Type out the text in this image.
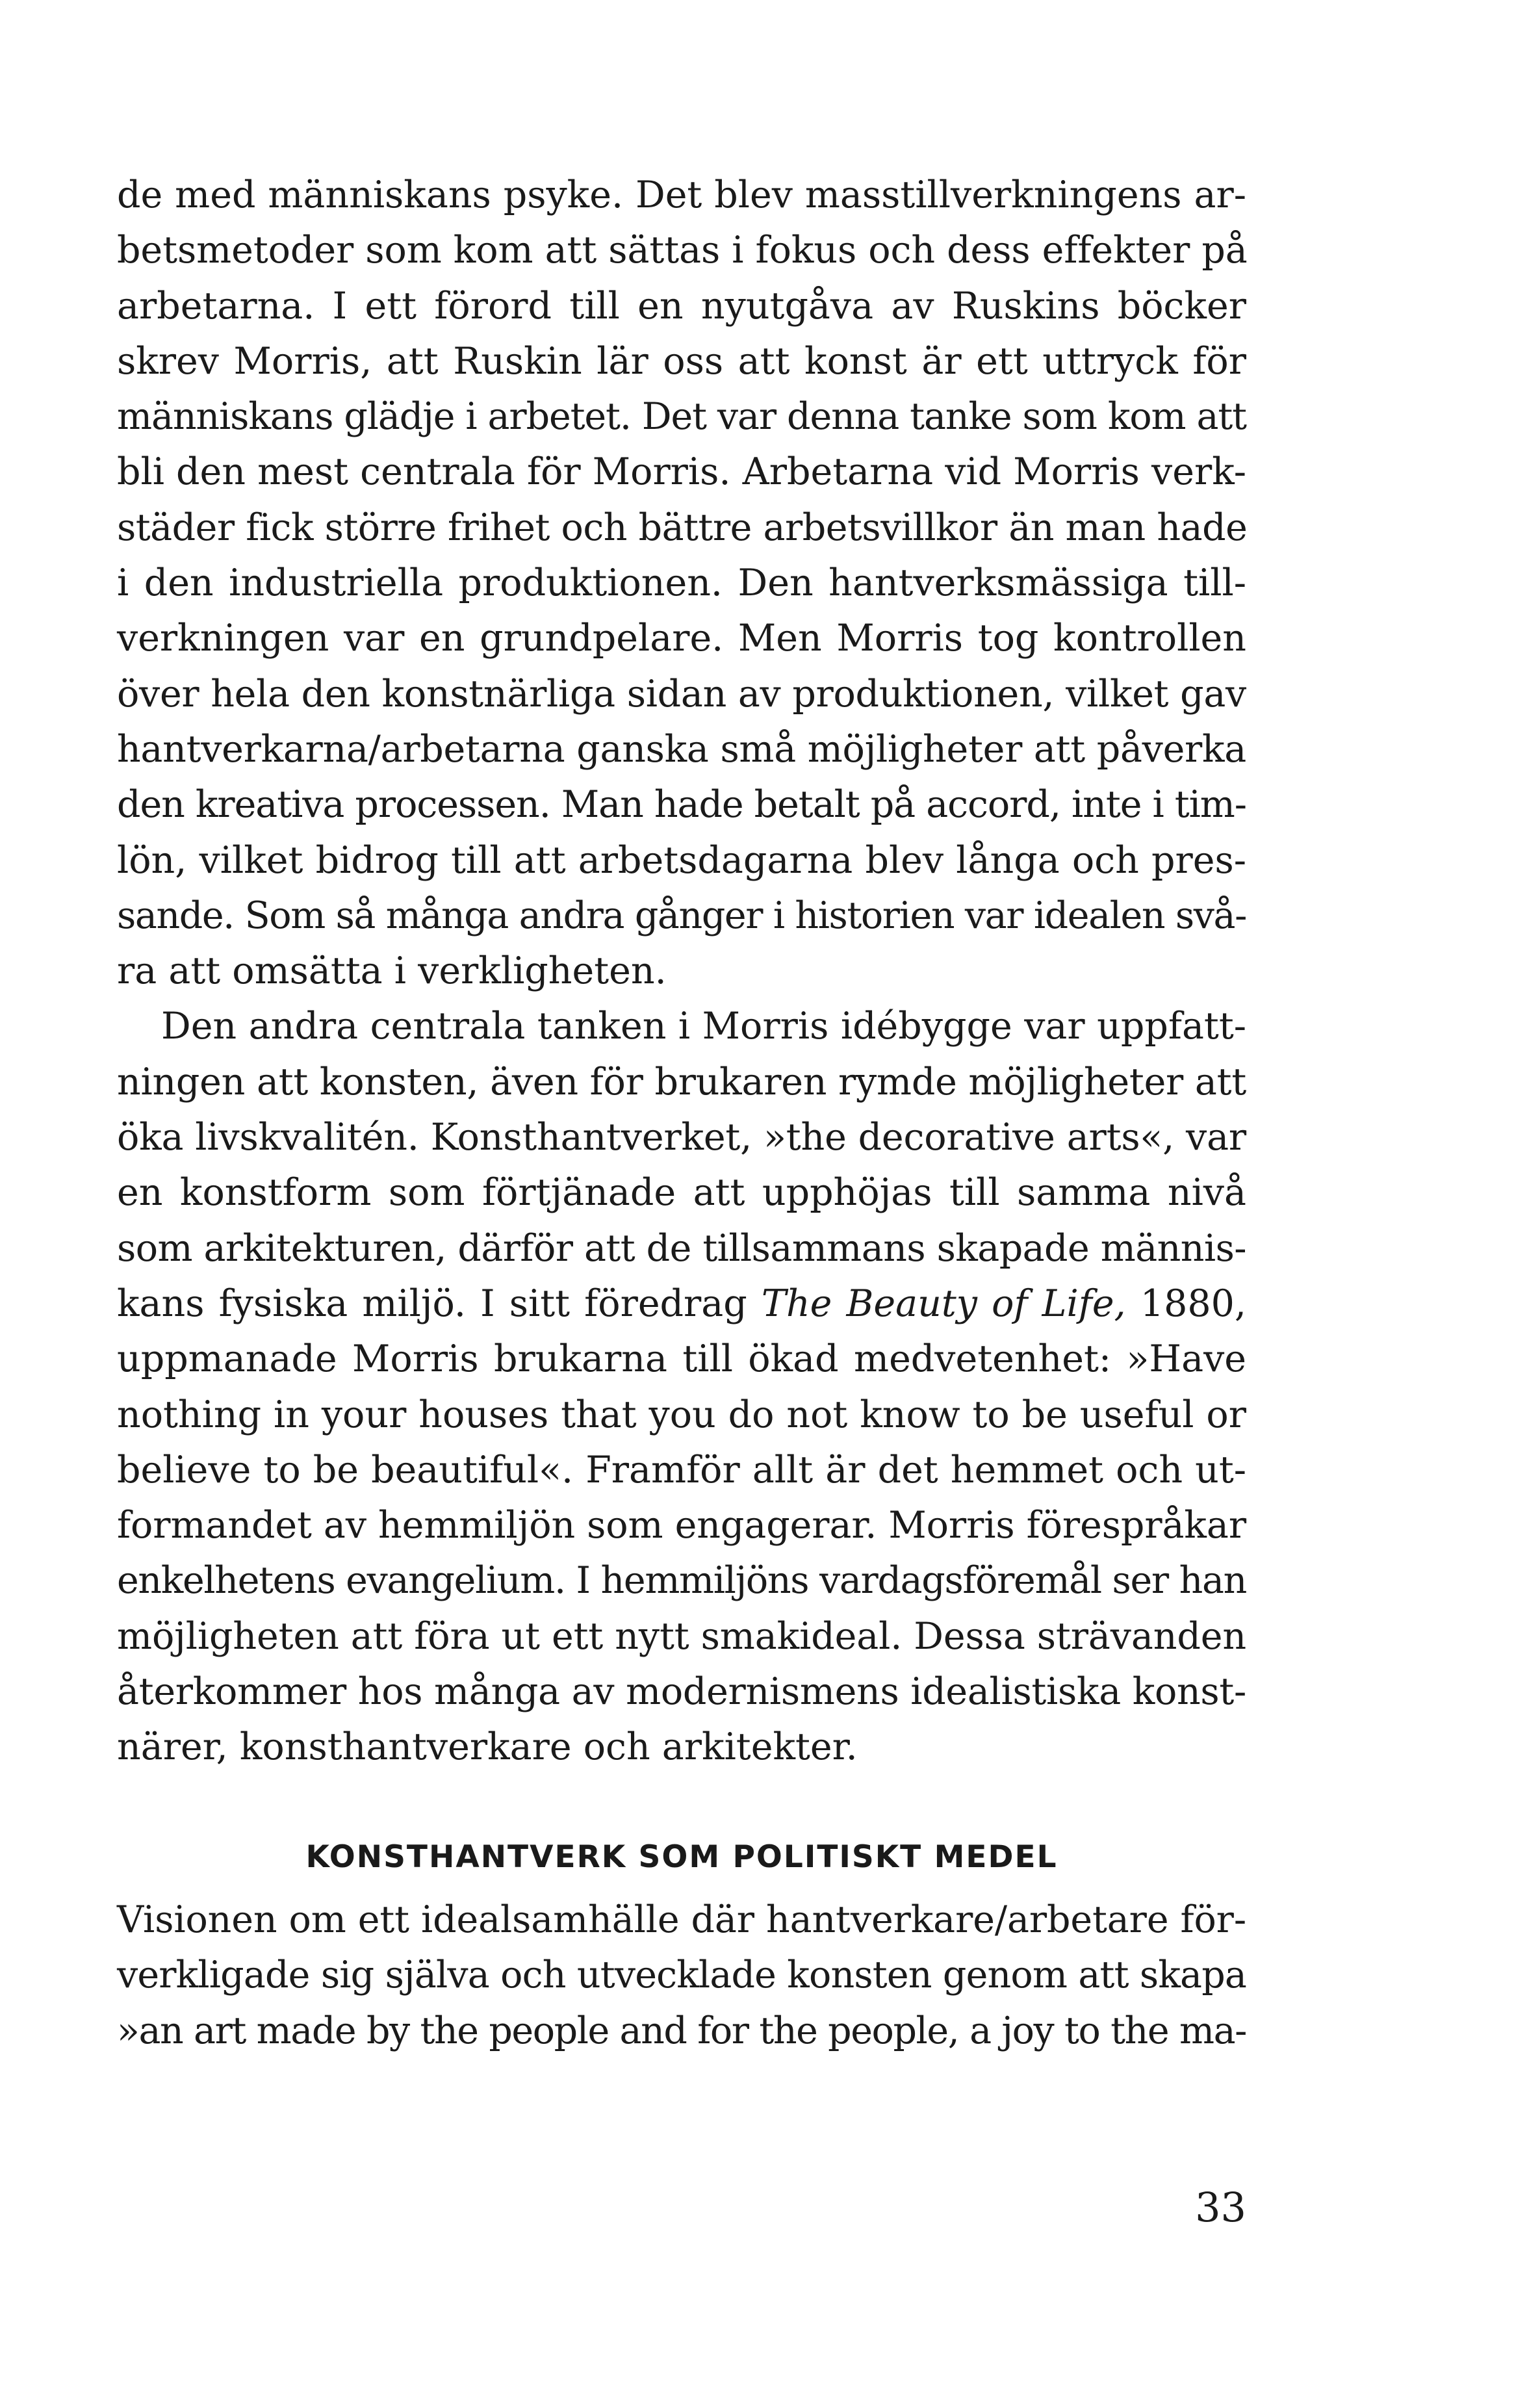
de med människans psyke. Det blev masstillverkningens ar-
betsmetoder som kom att sättas i fokus och dess effekter på
arbetarna. I ett förord till en nyutgåva av Ruskins böcker
skrev Morris, att Ruskin lär oss att konst är ett uttryck för
människans glädje i arbetet. Det var denna tanke som kom att
bli den mest centrala för Morris. Arbetarna vid Morris verk-
städer fick större frihet och bättre arbetsvillkor än man hade
i den industriella produktionen. Den hantverksmässiga till-
verkningen var en grundpelare. Men Morris tog kontrollen
över hela den konstnärliga sidan av produktionen, vilket gav
hantverkarna/arbetarna ganska små möjligheter att påverka
den kreativa processen. Man hade betalt på accord, inte i tim-
lön, vilket bidrog till att arbetsdagarna blev långa och pres-
sande. Som så många andra gånger i historien var idealen svå-
ra att omsätta i verkligheten.

Den andra centrala tanken i Morris idébygge var uppfatt-
ningen att konsten, även för brukaren rymde möjligheter att
öka livskvalitén. Konsthantverket, »the decorative arts«, var
en konstform som förtjänade att upphöjas till samma nivå
som arkitekturen, därför att de tillsammans skapade männis-
kans fysiska miljö. I sitt föredrag The Beauty of Life, 1880,
uppmanade Morris brukarna till ökad medvetenhet: »Have
nothing in your houses that you do not know to be useful or
believe to be beautiful«. Framför allt är det hemmet och ut-
formandet av hemmiljön som engagerar. Morris förespråkar
enkelhetens evangelium. I hemmiljöns vardagsföremål ser han
möjligheten att föra ut ett nytt smakideal. Dessa strävanden
återkommer hos många av modernismens idealistiska konst-
närer, konsthantverkare och arkitekter.

KONSTHANTVERK SOM POLITISKT MEDEL

Visionen om ett idealsamhälle där hantverkare/arbetare för-
verkligade sig själva och utvecklade konsten genom att skapa
»an art made by the people and for the people, a joy to the ma-

33
